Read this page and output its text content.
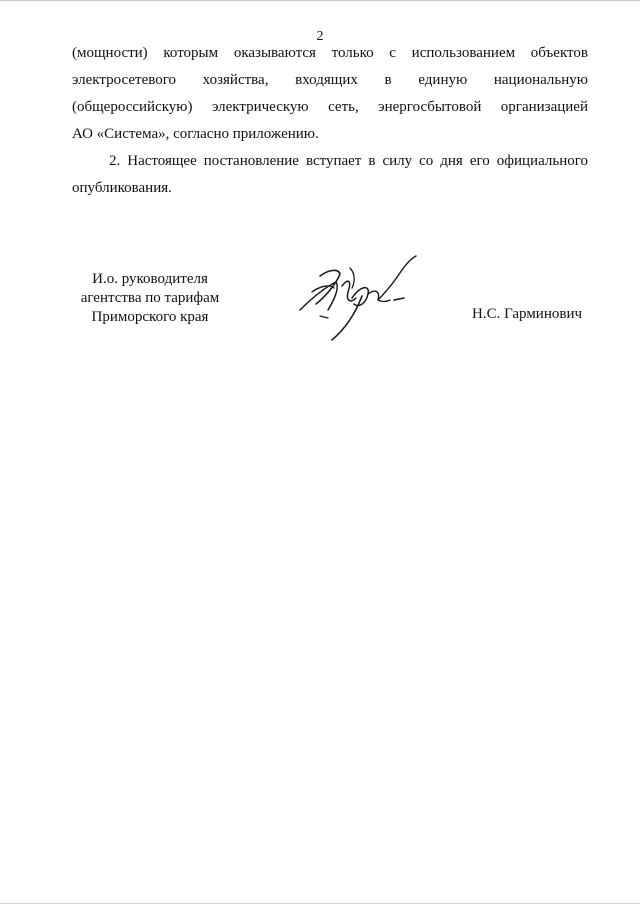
2
(мощности) которым оказываются только с использованием объектов
электросетевого хозяйства, входящих в единую национальную
(общероссийскую) электрическую сеть, энергосбытовой организацией
АО «Система», согласно приложению.
2. Настоящее постановление вступает в силу со дня его официального
опубликования.
И.о. руководителя
агентства по тарифам
Приморского края	Н.С. Гарминович
